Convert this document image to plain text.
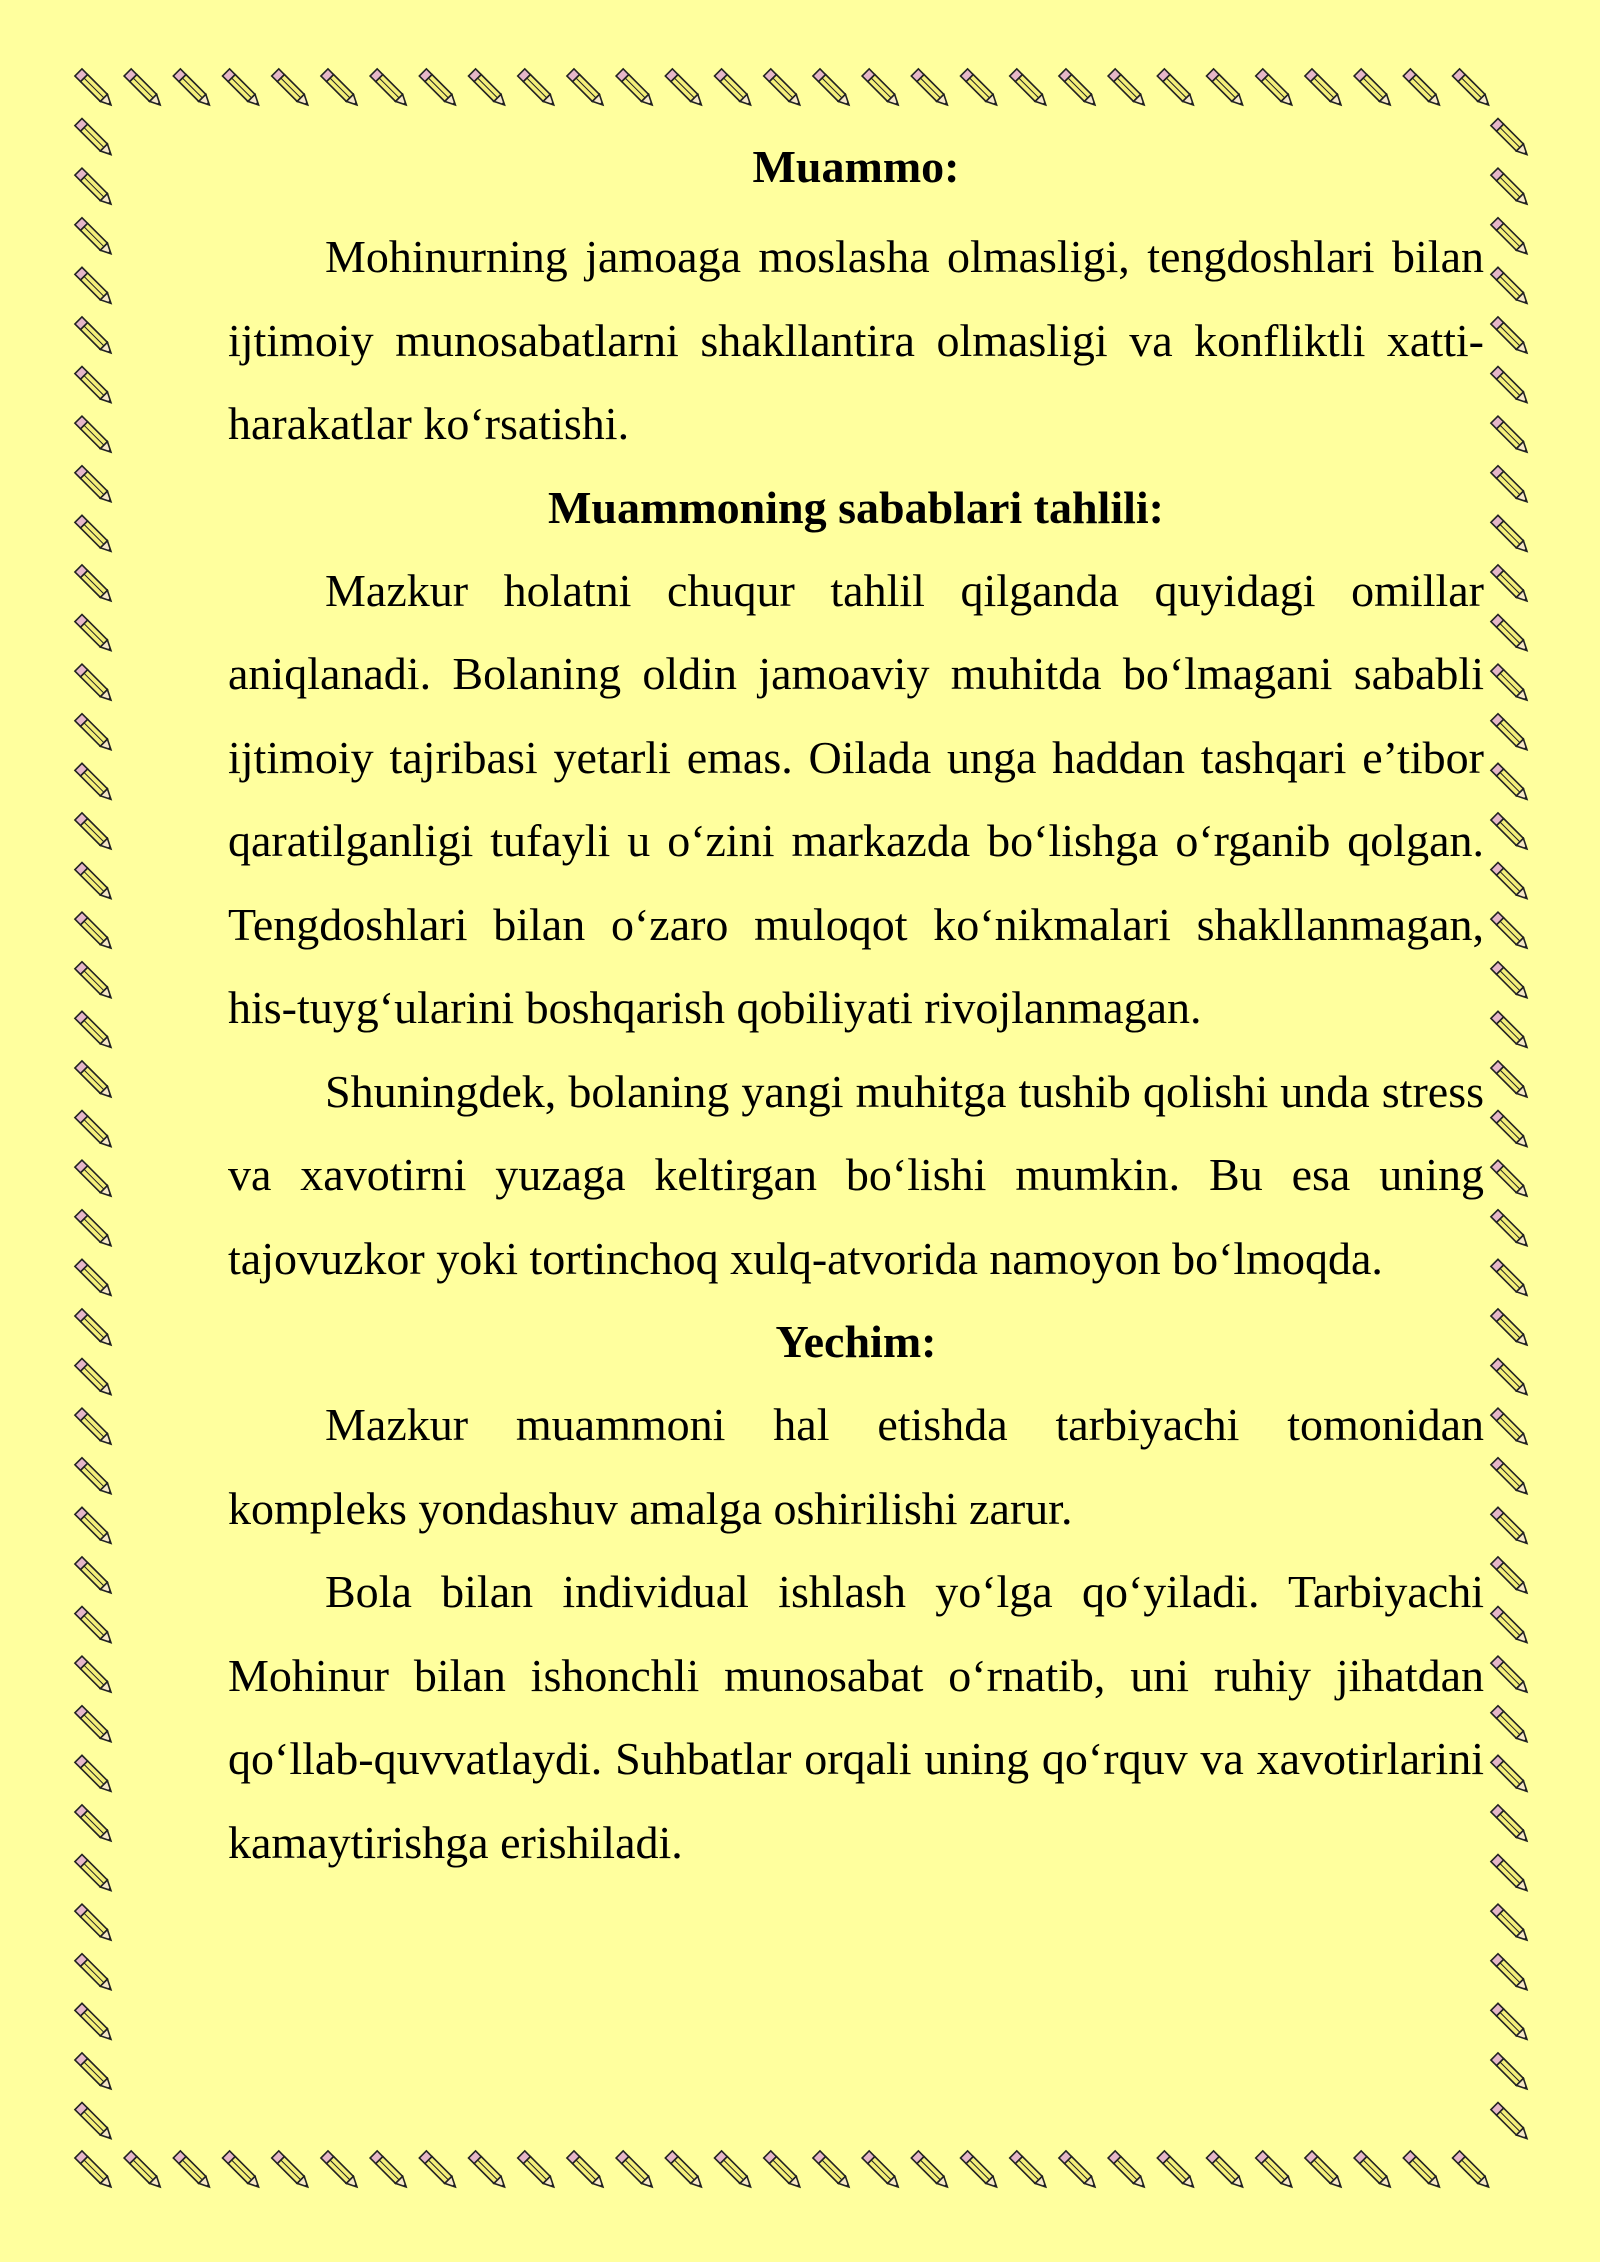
Muammo:

Mohinurning jamoaga moslasha olmasligi, tengdoshlari bilan ijtimoiy munosabatlarni shakllantira olmasligi va konfliktli xatti-harakatlar ko‘rsatishi.

Muammoning sabablari tahlili:

Mazkur holatni chuqur tahlil qilganda quyidagi omillar aniqlanadi. Bolaning oldin jamoaviy muhitda bo‘lmagani sababli ijtimoiy tajribasi yetarli emas. Oilada unga haddan tashqari e’tibor qaratilganligi tufayli u o‘zini markazda bo‘lishga o‘rganib qolgan. Tengdoshlari bilan o‘zaro muloqot ko‘nikmalari shakllanmagan, his-tuyg‘ularini boshqarish qobiliyati rivojlanmagan.

Shuningdek, bolaning yangi muhitga tushib qolishi unda stress va xavotirni yuzaga keltirgan bo‘lishi mumkin. Bu esa uning tajovuzkor yoki tortinchoq xulq-atvorida namoyon bo‘lmoqda.

Yechim:

Mazkur muammoni hal etishda tarbiyachi tomonidan kompleks yondashuv amalga oshirilishi zarur.

Bola bilan individual ishlash yo‘lga qo‘yiladi. Tarbiyachi Mohinur bilan ishonchli munosabat o‘rnatib, uni ruhiy jihatdan qo‘llab-quvvatlaydi. Suhbatlar orqali uning qo‘rquv va xavotirlarini kamaytirishga erishiladi.
